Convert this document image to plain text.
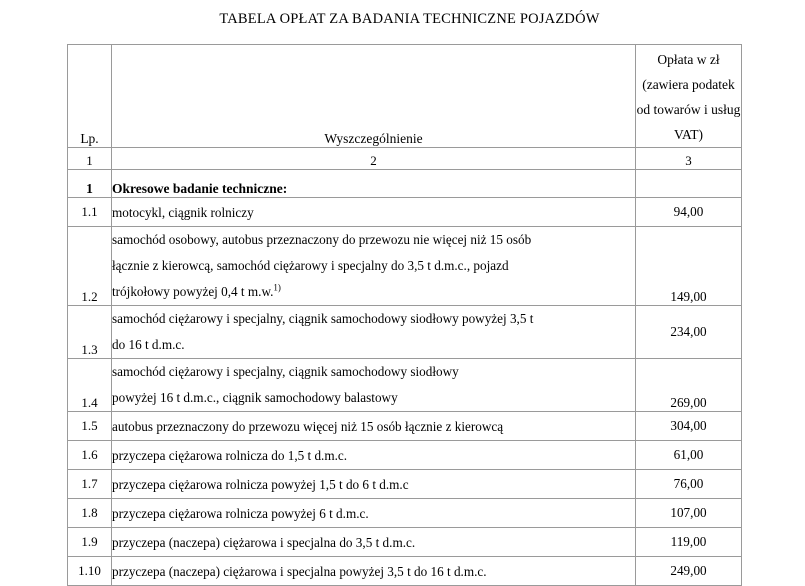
TABELA OPŁAT ZA BADANIA TECHNICZNE POJAZDÓW
Lp.	Wyszczególnienie	Opłata w zł
(zawiera podatek
od towarów i usług
VAT)

1	2	3
1	Okresowe badanie techniczne:	
1.1	motocykl, ciągnik rolniczy	94,00
1.2	samochód osobowy, autobus przeznaczony do przewozu nie więcej niż 15 osób
łącznie z kierowcą, samochód ciężarowy i specjalny do 3,5 t d.m.c., pojazd
trójkołowy powyżej 0,4 t m.w.$^{1)}$	149,00
1.3	samochód ciężarowy i specjalny, ciągnik samochodowy siodłowy powyżej 3,5 t
do 16 t d.m.c.	234,00
1.4	samochód ciężarowy i specjalny, ciągnik samochodowy siodłowy
powyżej 16 t d.m.c., ciągnik samochodowy balastowy	269,00
1.5	autobus przeznaczony do przewozu więcej niż 15 osób łącznie z kierowcą	304,00
1.6	przyczepa ciężarowa rolnicza do 1,5 t d.m.c.	61,00
1.7	przyczepa ciężarowa rolnicza powyżej 1,5 t do 6 t d.m.c	76,00
1.8	przyczepa ciężarowa rolnicza powyżej 6 t d.m.c.	107,00
1.9	przyczepa (naczepa) ciężarowa i specjalna do 3,5 t d.m.c.	119,00
1.10	przyczepa (naczepa) ciężarowa i specjalna powyżej 3,5 t do 16 t d.m.c.	249,00
